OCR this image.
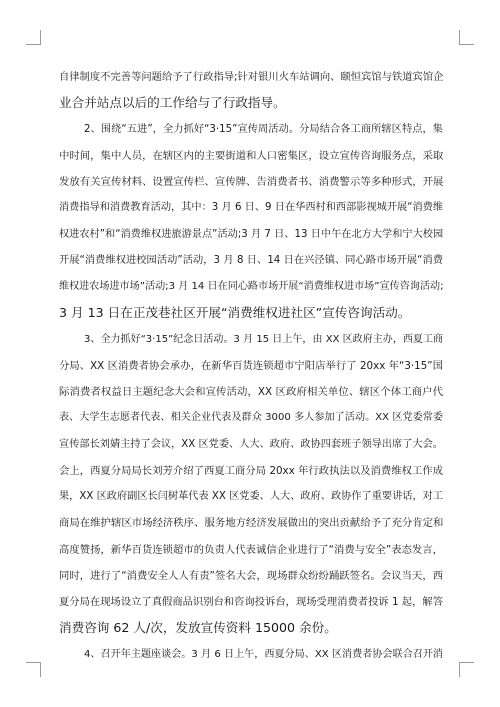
自律制度不完善等问题给予了行政指导;针对银川火车站调向、颐恒宾馆与铁道宾馆企
业合并站点以后的工作给与了行政指导。
2、围绕“五进”，全力抓好“3·15”宣传周活动。分局结合各工商所辖区特点，集
中时间，集中人员，在辖区内的主要街道和人口密集区，设立宣传咨询服务点，采取
发放有关宣传材料、设置宣传栏、宣传牌、告消费者书、消费警示等多种形式，开展
消费指导和消费教育活动，其中：3 月 6 日、9 日在华西村和西部影视城开展“消费维
权进农村”和“消费维权进旅游景点”活动;3 月 7 日、13 日中午在北方大学和宁大校园
开展“消费维权进校园活动”活动，3 月 8 日、14 日在兴泾镇、同心路市场开展“消费
维权进农场进市场”活动;3 月 14 日在同心路市场开展“消费维权进市场”宣传咨询活动;
3 月 13 日在正茂巷社区开展“消费维权进社区”宣传咨询活动。
3、全力抓好“3·15”纪念日活动。3 月 15 日上午，由 XX 区政府主办，西夏工商
分局、XX 区消费者协会承办，在新华百货连锁超市宁阳店举行了 20xx 年“3·15”国
际消费者权益日主题纪念大会和宣传活动，XX 区政府相关单位、辖区个体工商户代
表、大学生志愿者代表、相关企业代表及群众 3000 多人参加了活动。XX 区党委常委
宣传部长刘婧主持了会议，XX 区党委、人大、政府、政协四套班子领导出席了大会。
会上，西夏分局局长刘芳介绍了西夏工商分局 20xx 年行政执法以及消费维权工作成
果，XX 区政府副区长闫树革代表 XX 区党委、人大、政府、政协作了重要讲话，对工
商局在维护辖区市场经济秩序、服务地方经济发展做出的突出贡献给予了充分肯定和
高度赞扬，新华百货连锁超市的负责人代表诚信企业进行了“消费与安全”表态发言，
同时，进行了“消费安全人人有责”签名大会，现场群众纷纷踊跃签名。会议当天，西
夏分局在现场设立了真假商品识别台和咨询投诉台，现场受理消费者投诉 1 起，解答
消费咨询 62 人/次，发放宣传资料 15000 余份。
4、召开年主题座谈会。3 月 6 日上午，西夏分局、XX 区消费者协会联合召开消
